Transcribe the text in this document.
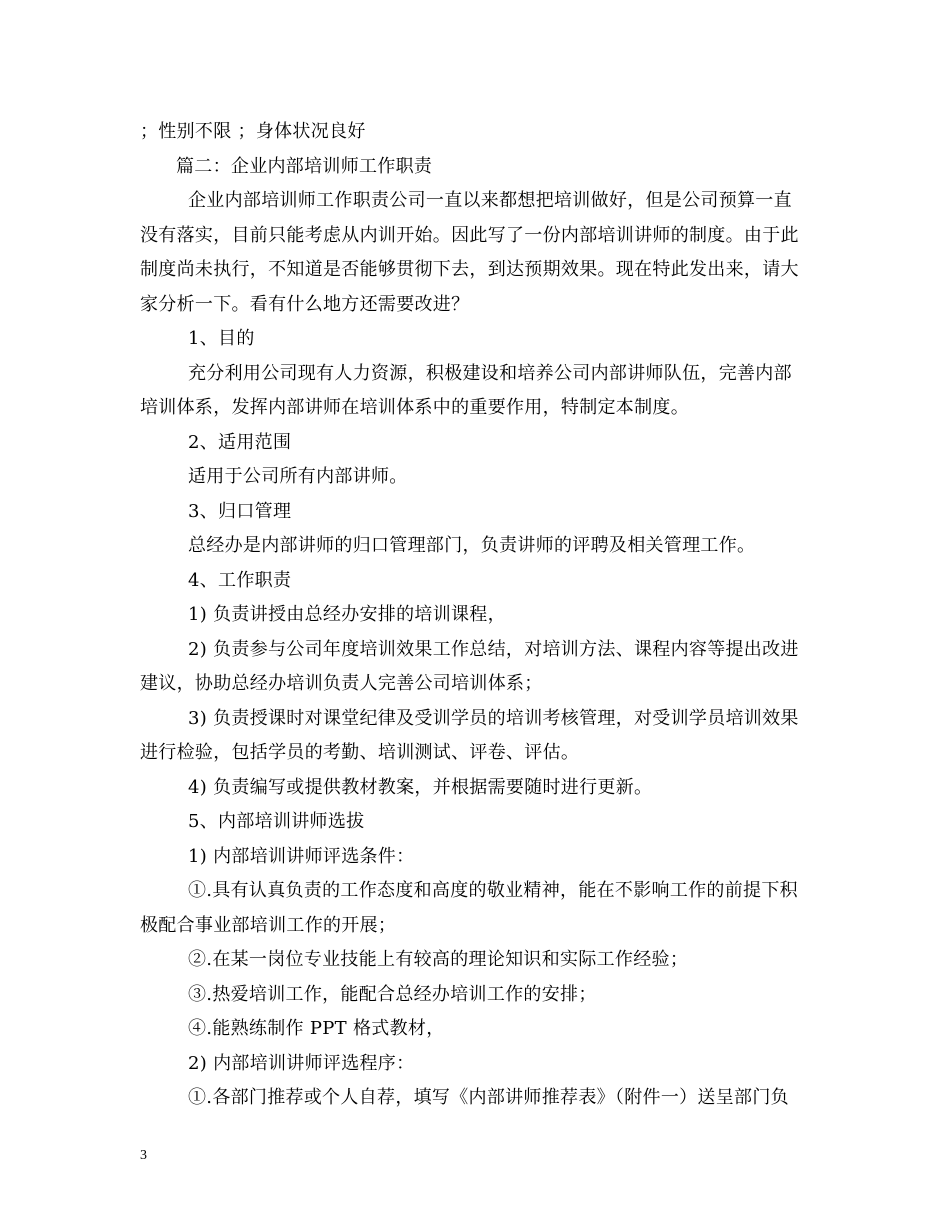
；性别不限 ；身体状况良好
篇二：企业内部培训师工作职责
企业内部培训师工作职责公司一直以来都想把培训做好，但是公司预算一直
没有落实，目前只能考虑从内训开始。因此写了一份内部培训讲师的制度。由于此
制度尚未执行，不知道是否能够贯彻下去，到达预期效果。现在特此发出来，请大
家分析一下。看有什么地方还需要改进？
1、目的
充分利用公司现有人力资源，积极建设和培养公司内部讲师队伍，完善内部
培训体系，发挥内部讲师在培训体系中的重要作用，特制定本制度。
2、适用范围
适用于公司所有内部讲师。
3、归口管理
总经办是内部讲师的归口管理部门，负责讲师的评聘及相关管理工作。
4、工作职责
1) 负责讲授由总经办安排的培训课程，
2) 负责参与公司年度培训效果工作总结，对培训方法、课程内容等提出改进
建议，协助总经办培训负责人完善公司培训体系；
3) 负责授课时对课堂纪律及受训学员的培训考核管理，对受训学员培训效果
进行检验，包括学员的考勤、培训测试、评卷、评估。
4) 负责编写或提供教材教案，并根据需要随时进行更新。
5、内部培训讲师选拔
1) 内部培训讲师评选条件：
①.具有认真负责的工作态度和高度的敬业精神，能在不影响工作的前提下积
极配合事业部培训工作的开展；
②.在某一岗位专业技能上有较高的理论知识和实际工作经验；
③.热爱培训工作，能配合总经办培训工作的安排；
④.能熟练制作 PPT 格式教材，
2) 内部培训讲师评选程序：
①.各部门推荐或个人自荐，填写《内部讲师推荐表》（附件一）送呈部门负
3
